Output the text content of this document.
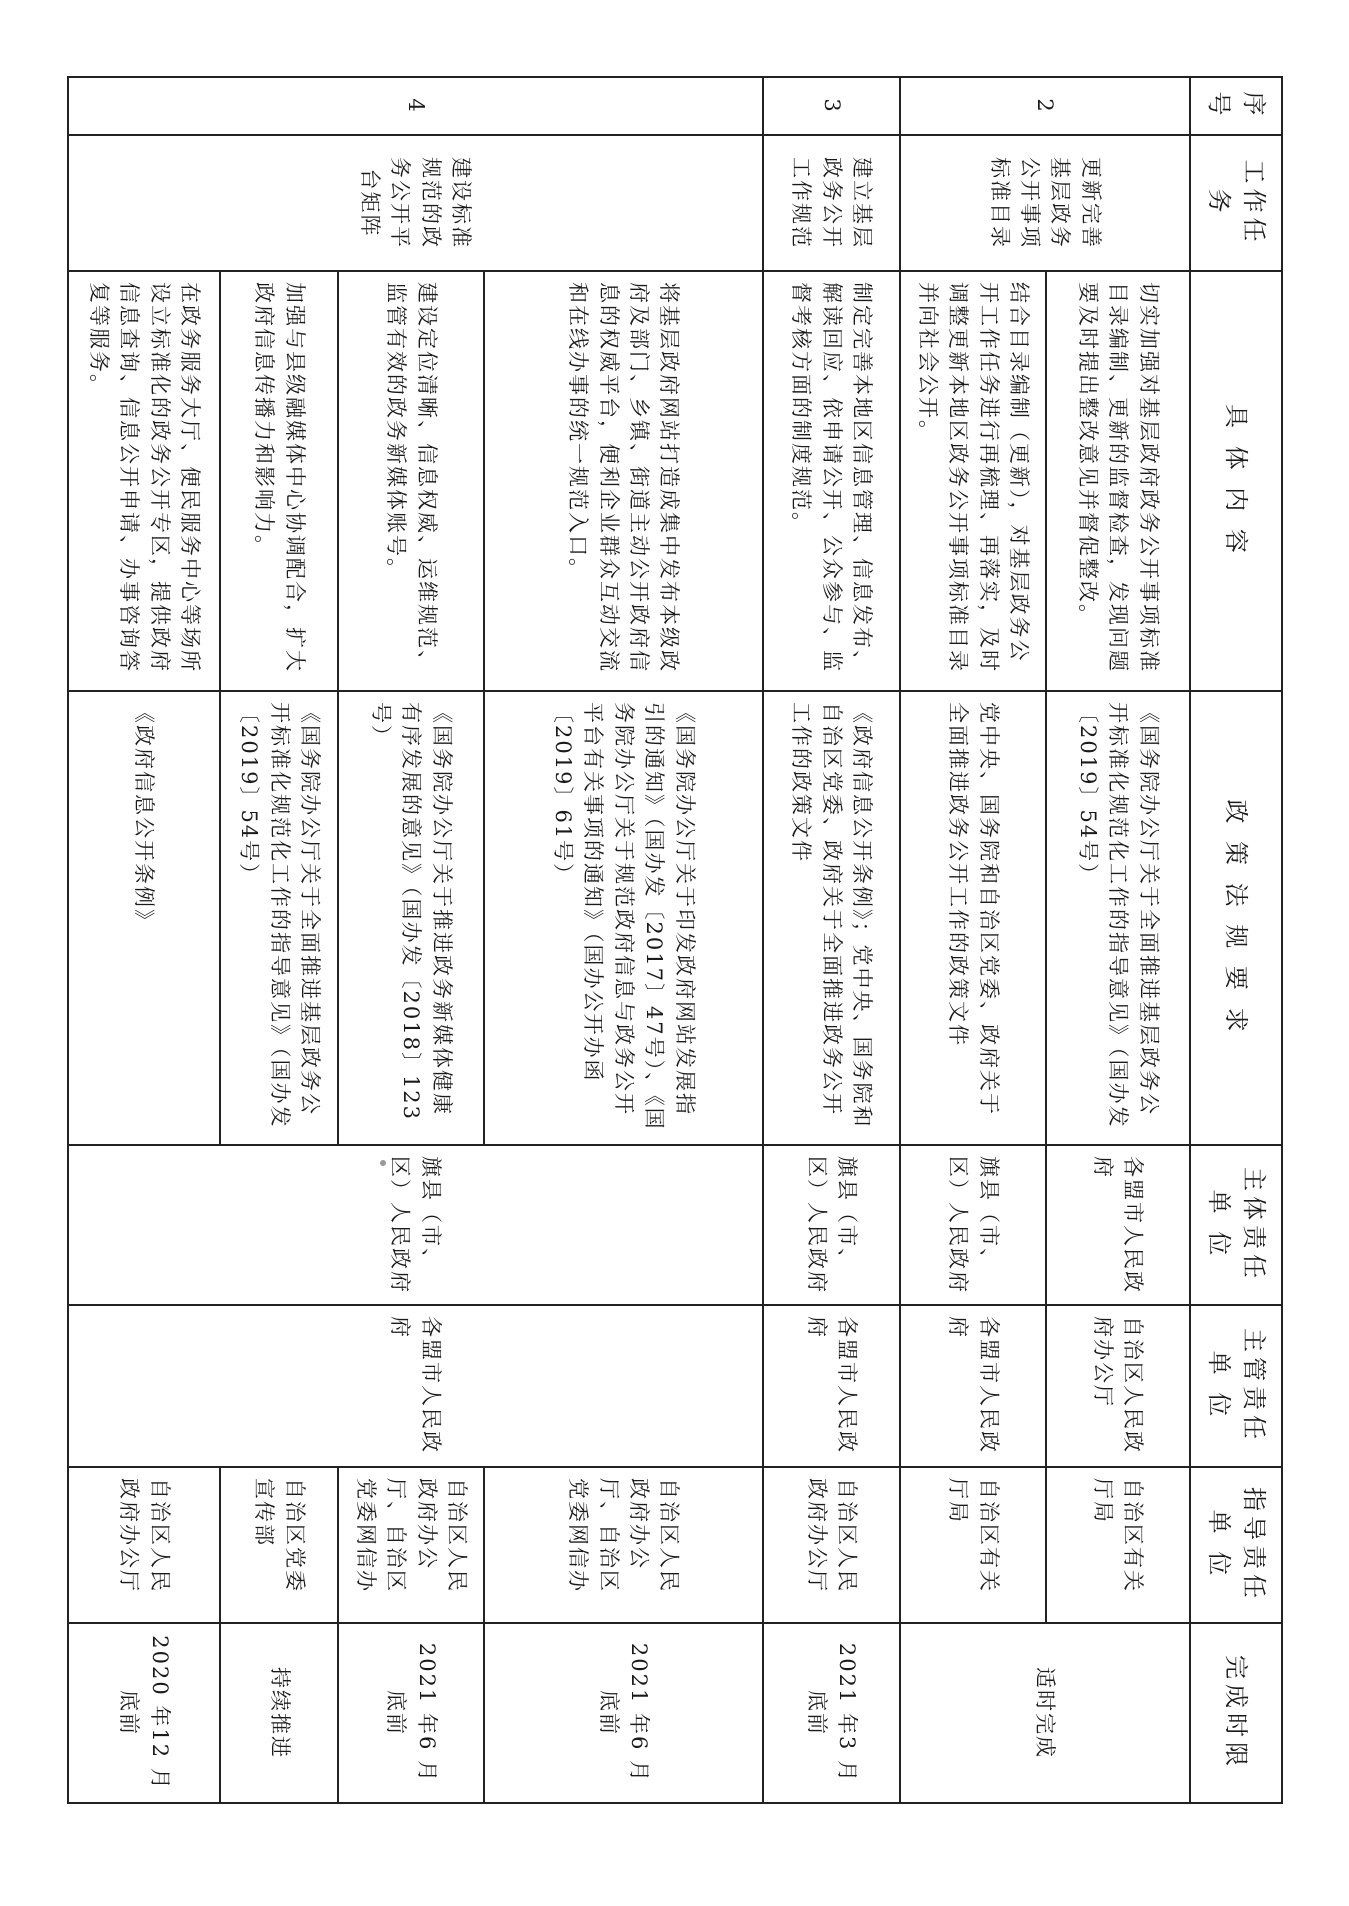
序号	工作任务	具 体 内 容	政 策 法 规 要 求	主体责任单 位	主管责任单 位	指导责任单 位	完成时限
2	更新完善基层政务公开事项标准目录	切实加强对基层政府政务公开事项标准目录编制、更新的监督检查，发现问题要及时提出整改意见并督促整改。	《国务院办公厅关于全面推进基层政务公开标准化规范化工作的指导意见》（国办发〔2019〕54号）	各盟市人民政府	自治区人民政府办公厅	自治区有关厅局	适时完成
		结合目录编制（更新），对基层政务公开工作任务进行再梳理、再落实，及时调整更新本地区政务公开事项标准目录并向社会公开。	党中央、国务院和自治区党委、政府关于全面推进政务公开工作的政策文件	旗县（市、区）人民政府	各盟市人民政府	自治区有关厅局	
3	建立基层政务公开工作规范	制定完善本地区信息管理、信息发布、解读回应、依申请公开、公众参与、监督考核方面的制度规范。	《政府信息公开条例》；党中央、国务院和自治区党委、政府关于全面推进政务公开工作的政策文件	旗县（市、区）人民政府	各盟市人民政府	自治区人民政府办公厅	2021 年3 月底前
4	建设标准规范的政务公开平台矩阵	将基层政府网站打造成集中发布本级政府及部门、乡镇、街道主动公开政府信息的权威平台，便利企业群众互动交流和在线办事的统一规范入口。	《国务院办公厅关于印发政府网站发展指引的通知》（国办发〔2017〕47号）、《国务院办公厅关于规范政府信息与政务公开平台有关事项的通知》（国办公开办函〔2019〕61号）	旗县（市、区）人民政府	各盟市人民政府	自治区人民政府办公厅、自治区党委网信办	2021 年6 月底前
		建设定位清晰、信息权威、运维规范、监管有效的政务新媒体账号。	《国务院办公厅关于推进政务新媒体健康有序发展的意见》（国办发〔2018〕123号）			自治区人民政府办公厅、自治区党委网信办	2021 年6 月底前
		加强与县级融媒体中心协调配合，扩大政府信息传播力和影响力。	《国务院办公厅关于全面推进基层政务公开标准化规范化工作的指导意见》（国办发〔2019〕54号）			自治区党委宣传部	持续推进
		在政务服务大厅、便民服务中心等场所设立标准化的政务公开专区，提供政府信息查询、信息公开申请、办事咨询答复等服务。	《政府信息公开条例》			自治区人民政府办公厅	2020 年12 月底前
